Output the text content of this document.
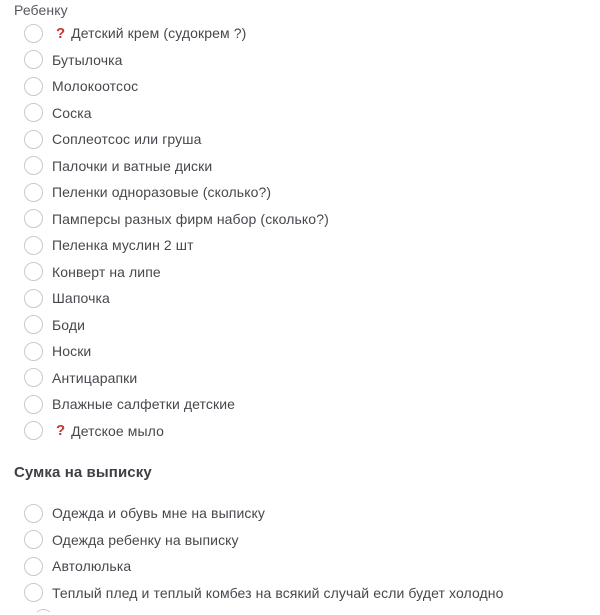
Ребенку
? Детский крем (судокрем ?)
Бутылочка
Молокоотсос
Соска
Соплеотсос или груша
Палочки и ватные диски
Пеленки одноразовые (сколько?)
Памперсы разных фирм набор (сколько?)
Пеленка муслин 2 шт
Конверт на липе
Шапочка
Боди
Носки
Антицарапки
Влажные салфетки детские
? Детское мыло
Сумка на выписку
Одежда и обувь мне на выписку
Одежда ребенку на выписку
Автолюлька
Теплый плед и теплый комбез на всякий случай если будет холодно
